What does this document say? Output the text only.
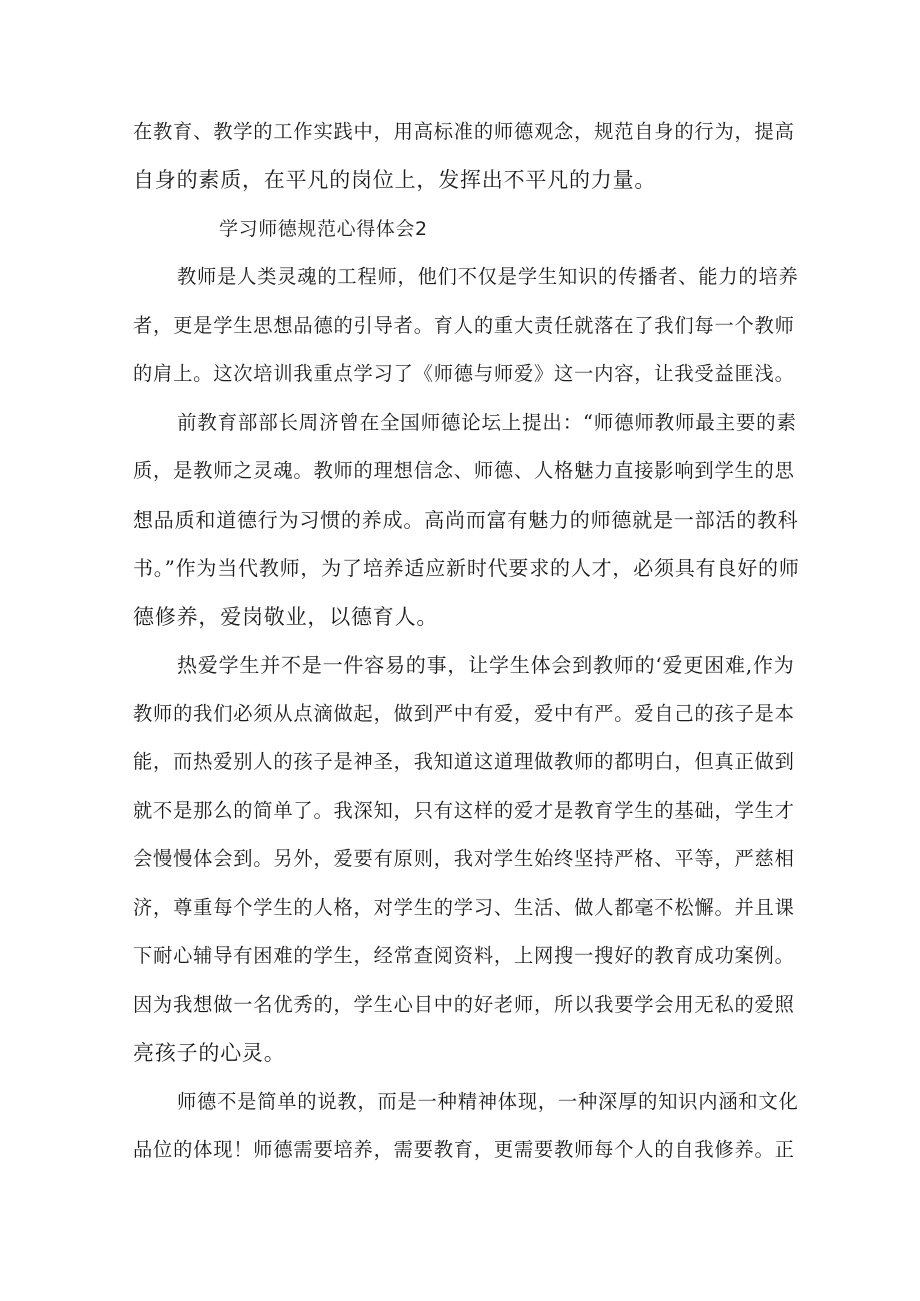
在教育、教学的工作实践中，用高标准的师德观念，规范自身的行为，提高
自身的素质，在平凡的岗位上，发挥出不平凡的力量。
学习师德规范心得体会2
教师是人类灵魂的工程师，他们不仅是学生知识的传播者、能力的培养
者，更是学生思想品德的引导者。育人的重大责任就落在了我们每一个教师
的肩上。这次培训我重点学习了《师德与师爱》这一内容，让我受益匪浅。
前教育部部长周济曾在全国师德论坛上提出：“师德师教师最主要的素
质，是教师之灵魂。教师的理想信念、师德、人格魅力直接影响到学生的思
想品质和道德行为习惯的养成。高尚而富有魅力的师德就是一部活的教科
书。”作为当代教师，为了培养适应新时代要求的人才，必须具有良好的师
德修养，爱岗敬业，以德育人。
热爱学生并不是一件容易的事，让学生体会到教师的‘爱更困难,作为
教师的我们必须从点滴做起，做到严中有爱，爱中有严。爱自己的孩子是本
能，而热爱别人的孩子是神圣，我知道这道理做教师的都明白，但真正做到
就不是那么的简单了。我深知，只有这样的爱才是教育学生的基础，学生才
会慢慢体会到。另外，爱要有原则，我对学生始终坚持严格、平等，严慈相
济，尊重每个学生的人格，对学生的学习、生活、做人都毫不松懈。并且课
下耐心辅导有困难的学生，经常查阅资料，上网搜一搜好的教育成功案例。
因为我想做一名优秀的，学生心目中的好老师，所以我要学会用无私的爱照
亮孩子的心灵。
师德不是简单的说教，而是一种精神体现，一种深厚的知识内涵和文化
品位的体现！师德需要培养，需要教育，更需要教师每个人的自我修养。正
